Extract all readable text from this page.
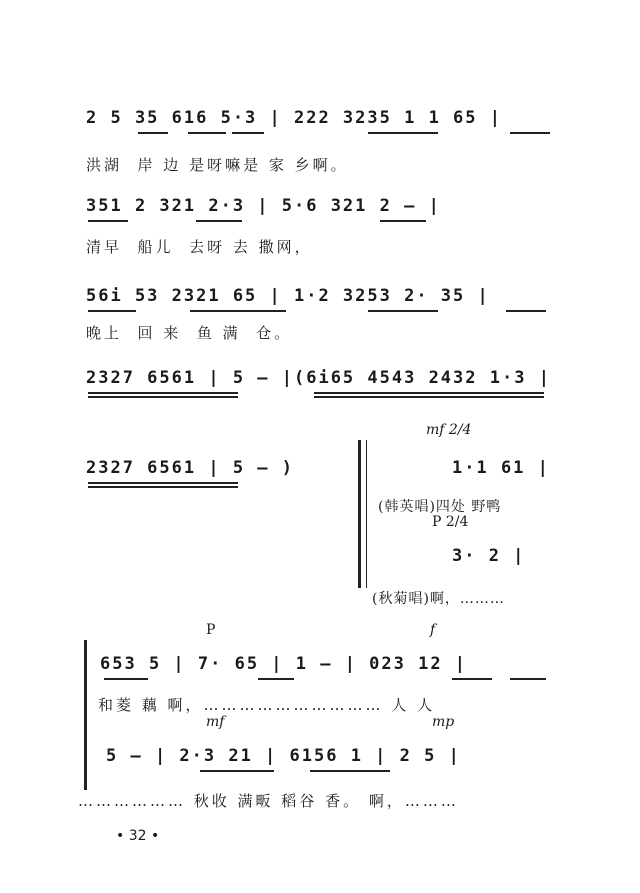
2 5 35 616 5·3 | 222 3235 1 1 65 |
洪湖  岸 边 是呀嘛是 家 乡啊。
351 2 321 2·3 | 5·6 321 2 — |
清早  船儿  去呀 去 撒网，
56i 53 2321 65 | 1·2 3253 2· 35 |
晚上  回 来  鱼 满  仓。
2327 6561 | 5 — |(6i65 4543 2432 1·3 |
2327 6561 | 5 — )
mf 2/4
1·1 61 |
(韩英唱)四处 野鸭
P 2/4
3· 2 |
(秋菊唱)啊，………
P	f
653 5 | 7· 65 | 1 — | 023 12 |
和菱 藕 啊，………………………… 人 人
mf	mp
5 — | 2·3 21 | 6156 1 | 2 5 |
……………… 秋收 满畈 稻谷 香。 啊，………
• 32 •
